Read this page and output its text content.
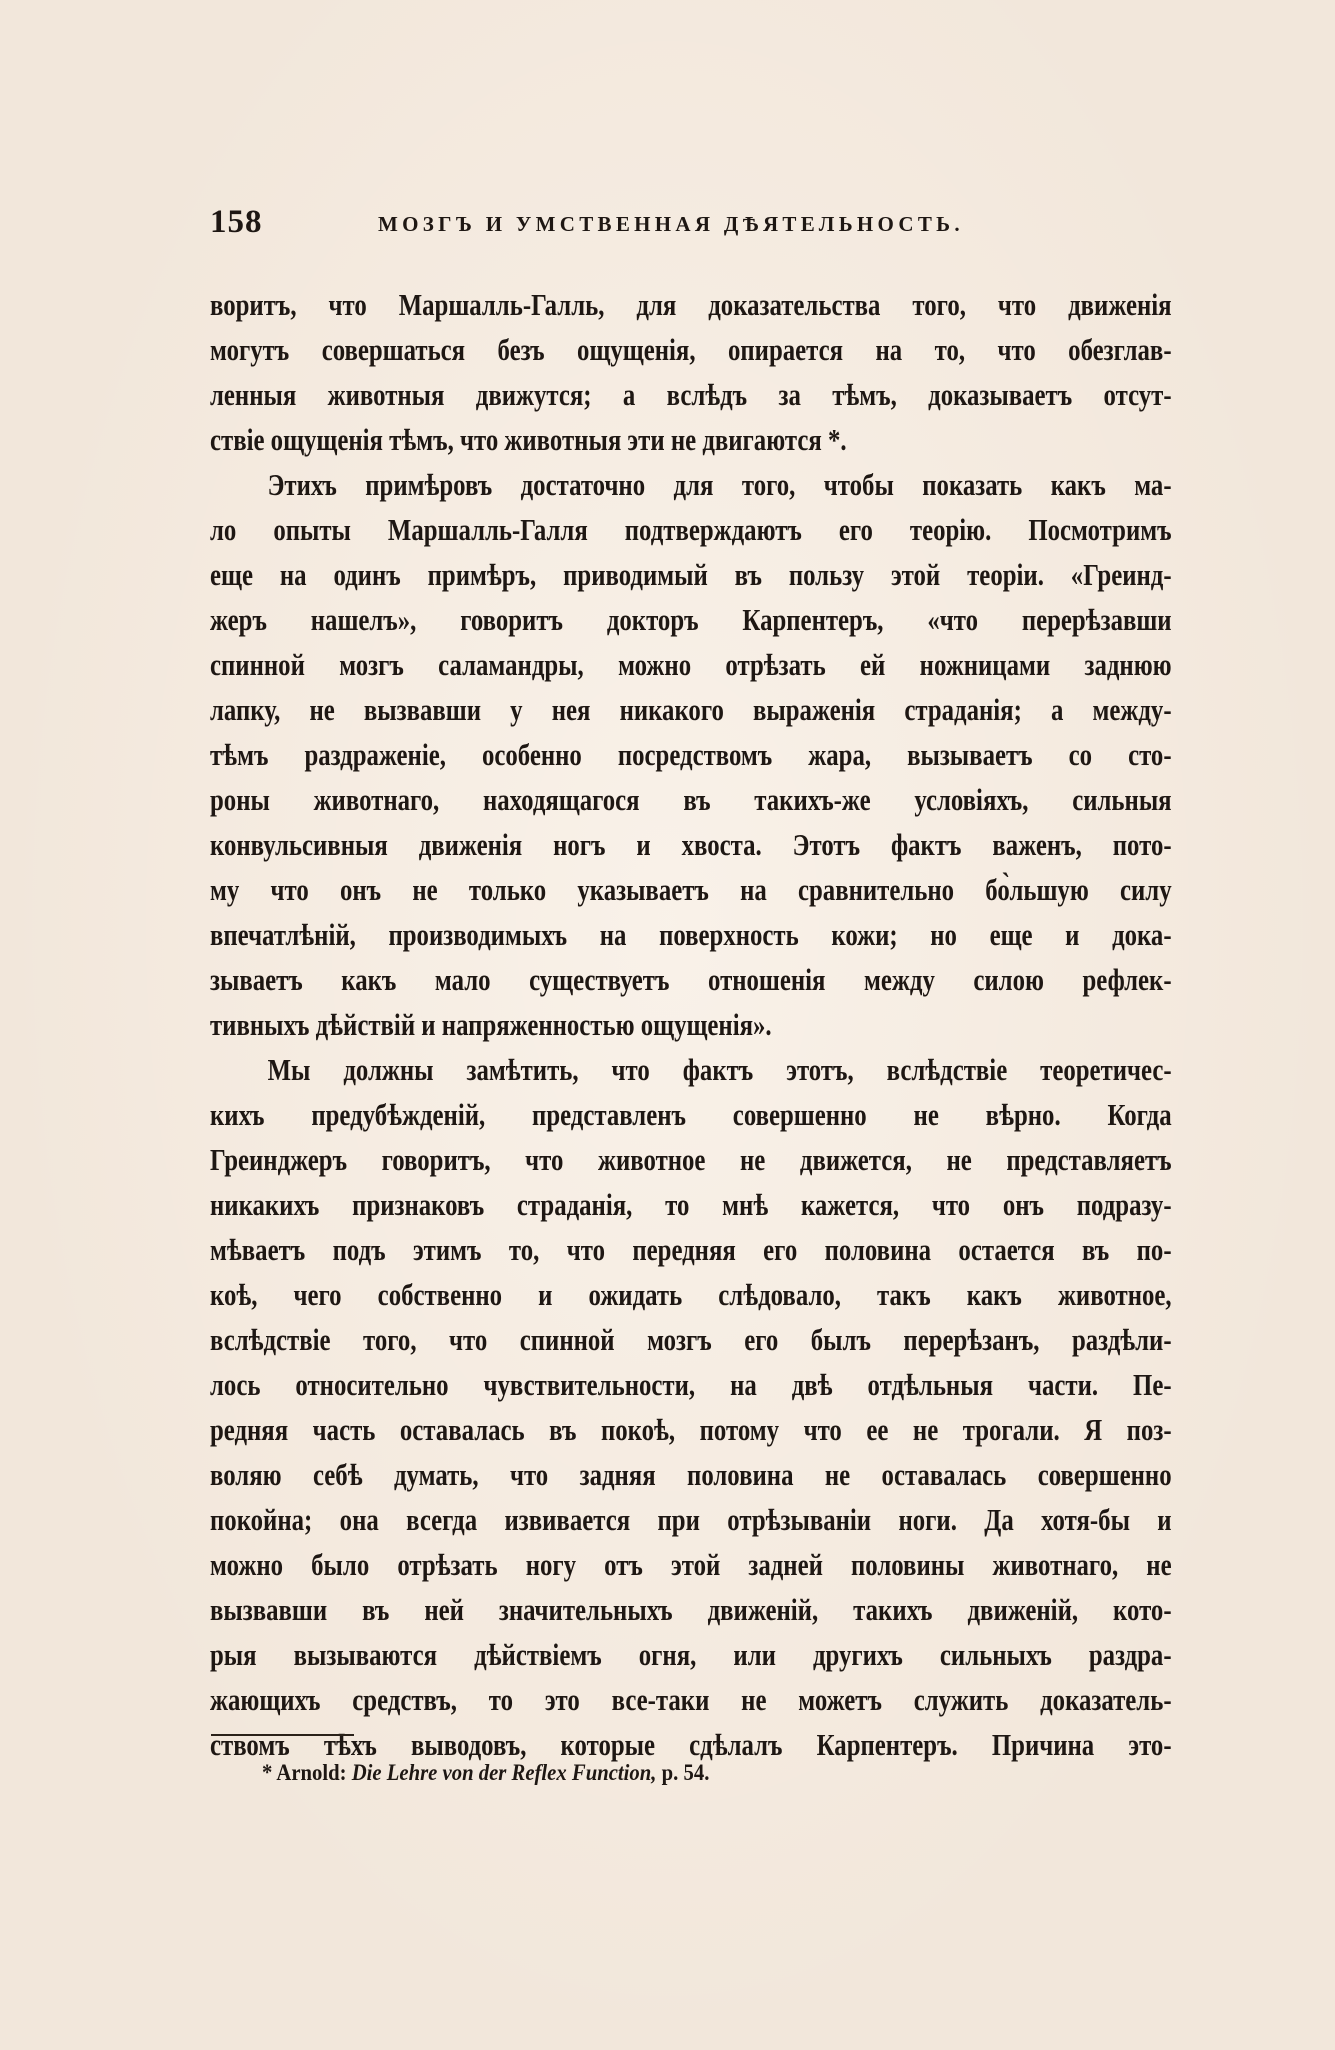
158	МОЗГЪ И УМСТВЕННАЯ ДѢЯТЕЛЬНОСТЬ.
воритъ, что Маршалль-Галль, для доказательства того, что движенія
могутъ совершаться безъ ощущенія, опирается на то, что обезглав-
ленныя животныя движутся; а вслѣдъ за тѣмъ, доказываетъ отсут-
ствіе ощущенія тѣмъ, что животныя эти не двигаются *.
Этихъ примѣровъ достаточно для того, чтобы показать какъ ма-
ло опыты Маршалль-Галля подтверждаютъ его теорію. Посмотримъ
еще на одинъ примѣръ, приводимый въ пользу этой теоріи. «Греинд-
жеръ нашелъ», говоритъ докторъ Карпентеръ, «что перерѣзавши
спинной мозгъ саламандры, можно отрѣзать ей ножницами заднюю
лапку, не вызвавши у нея никакого выраженія страданія; а между-
тѣмъ раздраженіе, особенно посредствомъ жара, вызываетъ со сто-
роны животнаго, находящагося въ такихъ-же условіяхъ, сильныя
конвульсивныя движенія ногъ и хвоста. Этотъ фактъ важенъ, пото-
му что онъ не только указываетъ на сравнительно бо̀льшую силу
впечатлѣній, производимыхъ на поверхность кожи; но еще и дока-
зываетъ какъ мало существуетъ отношенія между силою рефлек-
тивныхъ дѣйствій и напряженностью ощущенія».
Мы должны замѣтить, что фактъ этотъ, вслѣдствіе теоретичес-
кихъ предубѣжденій, представленъ совершенно не вѣрно. Когда
Греинджеръ говоритъ, что животное не движется, не представляетъ
никакихъ признаковъ страданія, то мнѣ кажется, что онъ подразу-
мѣваетъ подъ этимъ то, что передняя его половина остается въ по-
коѣ, чего собственно и ожидать слѣдовало, такъ какъ животное,
вслѣдствіе того, что спинной мозгъ его былъ перерѣзанъ, раздѣли-
лось относительно чувствительности, на двѣ отдѣльныя части. Пе-
редняя часть оставалась въ покоѣ, потому что ее не трогали. Я поз-
воляю себѣ думать, что задняя половина не оставалась совершенно
покойна; она всегда извивается при отрѣзываніи ноги. Да хотя-бы и
можно было отрѣзать ногу отъ этой задней половины животнаго, не
вызвавши въ ней значительныхъ движеній, такихъ движеній, кото-
рыя вызываются дѣйствіемъ огня, или другихъ сильныхъ раздра-
жающихъ средствъ, то это все-таки не можетъ служить доказатель-
ствомъ тѣхъ выводовъ, которые сдѣлалъ Карпентеръ. Причина это-
* Arnold: Die Lehre von der Reflex Function, p. 54.
